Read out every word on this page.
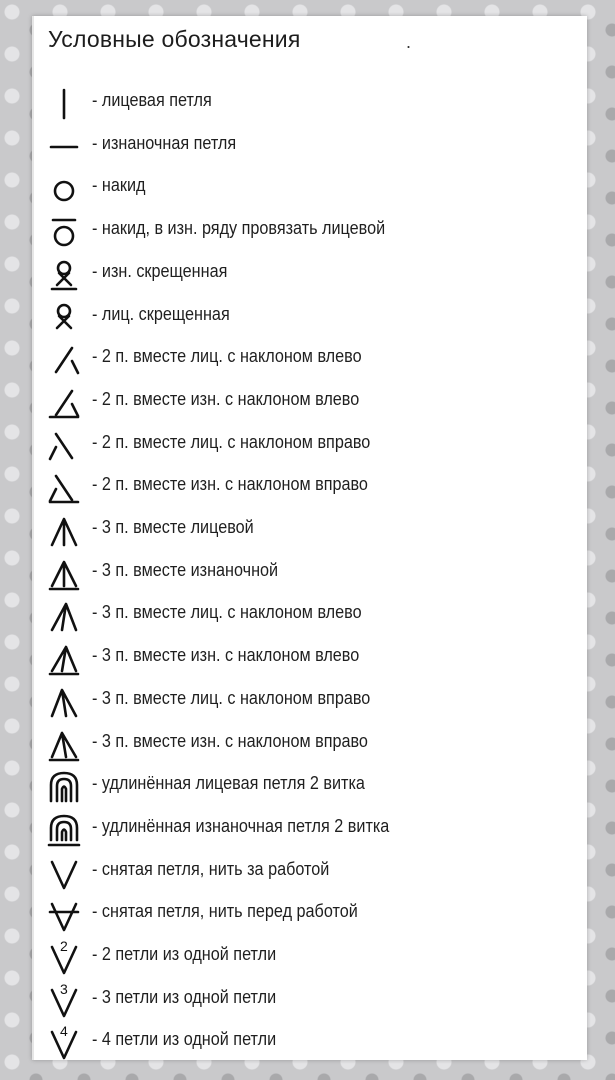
Условные обозначения	.
- лицевая петля
- изнаночная петля
- накид
- накид, в изн. ряду провязать лицевой
- изн. скрещенная
- лиц. скрещенная
- 2 п. вместе лиц. с наклоном влево
- 2 п. вместе изн. с наклоном влево
- 2 п. вместе лиц. с наклоном вправо
- 2 п. вместе изн. с наклоном вправо
- 3 п. вместе лицевой
- 3 п. вместе изнаночной
- 3 п. вместе лиц. с наклоном влево
- 3 п. вместе изн. с наклоном влево
- 3 п. вместе лиц. с наклоном вправо
- 3 п. вместе изн. с наклоном вправо
- удлинённая лицевая петля 2 витка
- удлинённая изнаночная петля 2 витка
- снятая петля, нить за работой
- снятая петля, нить перед работой
2 - 2 петли из одной петли
3 - 3 петли из одной петли
4 - 4 петли из одной петли
